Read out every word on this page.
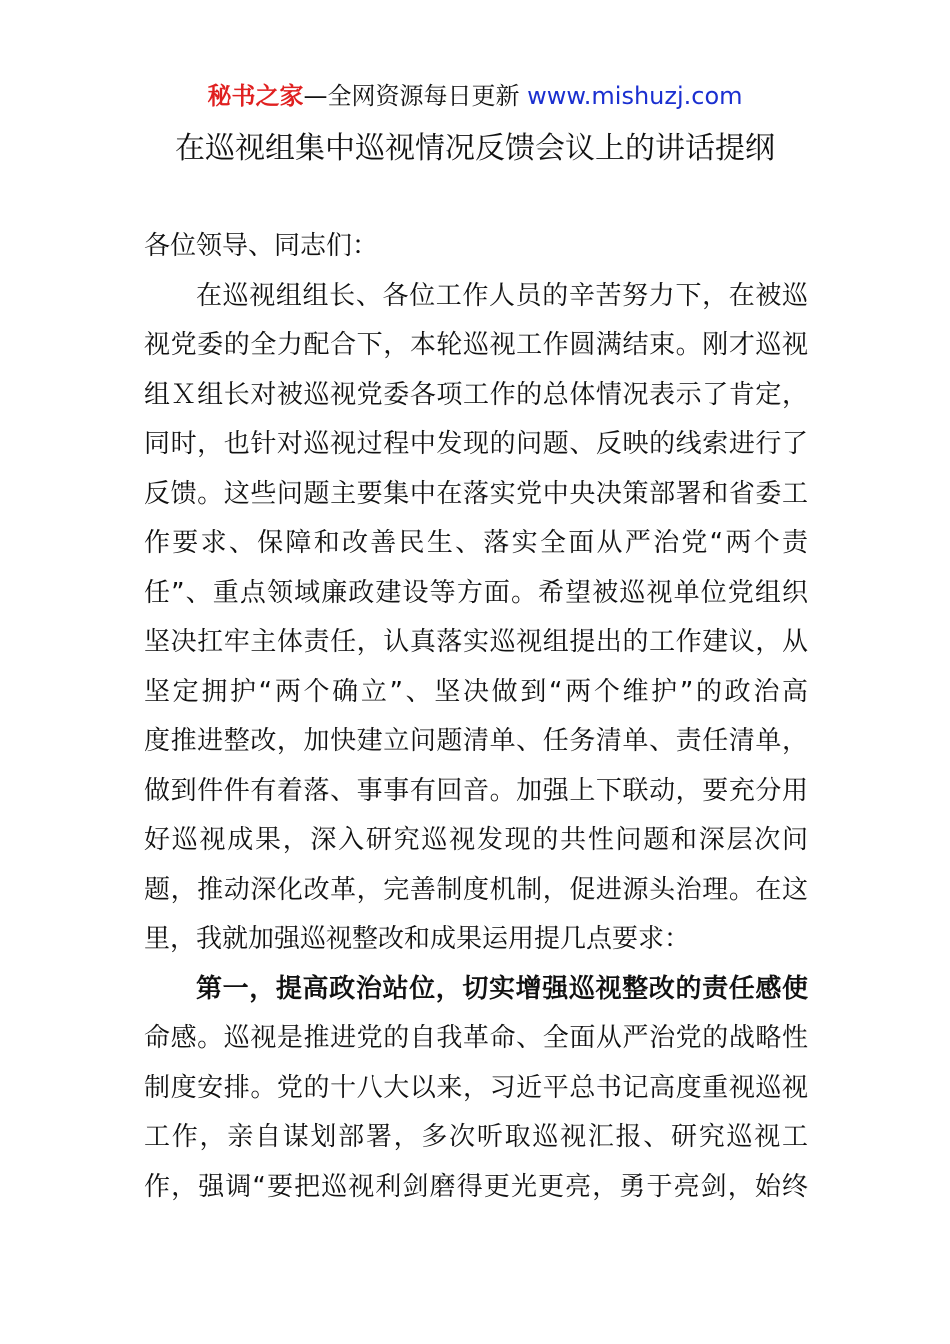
秘书之家—全网资源每日更新 www.mishuzj.com
在巡视组集中巡视情况反馈会议上的讲话提纲
各位领导、同志们：
在巡视组组长、各位工作人员的辛苦努力下，在被巡
视党委的全力配合下，本轮巡视工作圆满结束。刚才巡视
组Ｘ组长对被巡视党委各项工作的总体情况表示了肯定，
同时，也针对巡视过程中发现的问题、反映的线索进行了
反馈。这些问题主要集中在落实党中央决策部署和省委工
作要求、保障和改善民生、落实全面从严治党“两个责
任”、重点领域廉政建设等方面。希望被巡视单位党组织
坚决扛牢主体责任，认真落实巡视组提出的工作建议，从
坚定拥护“两个确立”、坚决做到“两个维护”的政治高
度推进整改，加快建立问题清单、任务清单、责任清单，
做到件件有着落、事事有回音。加强上下联动，要充分用
好巡视成果，深入研究巡视发现的共性问题和深层次问
题，推动深化改革，完善制度机制，促进源头治理。在这
里，我就加强巡视整改和成果运用提几点要求：
第一，提高政治站位，切实增强巡视整改的责任感使
命感。巡视是推进党的自我革命、全面从严治党的战略性
制度安排。党的十八大以来，习近平总书记高度重视巡视
工作，亲自谋划部署，多次听取巡视汇报、研究巡视工
作，强调“要把巡视利剑磨得更光更亮，勇于亮剑，始终
